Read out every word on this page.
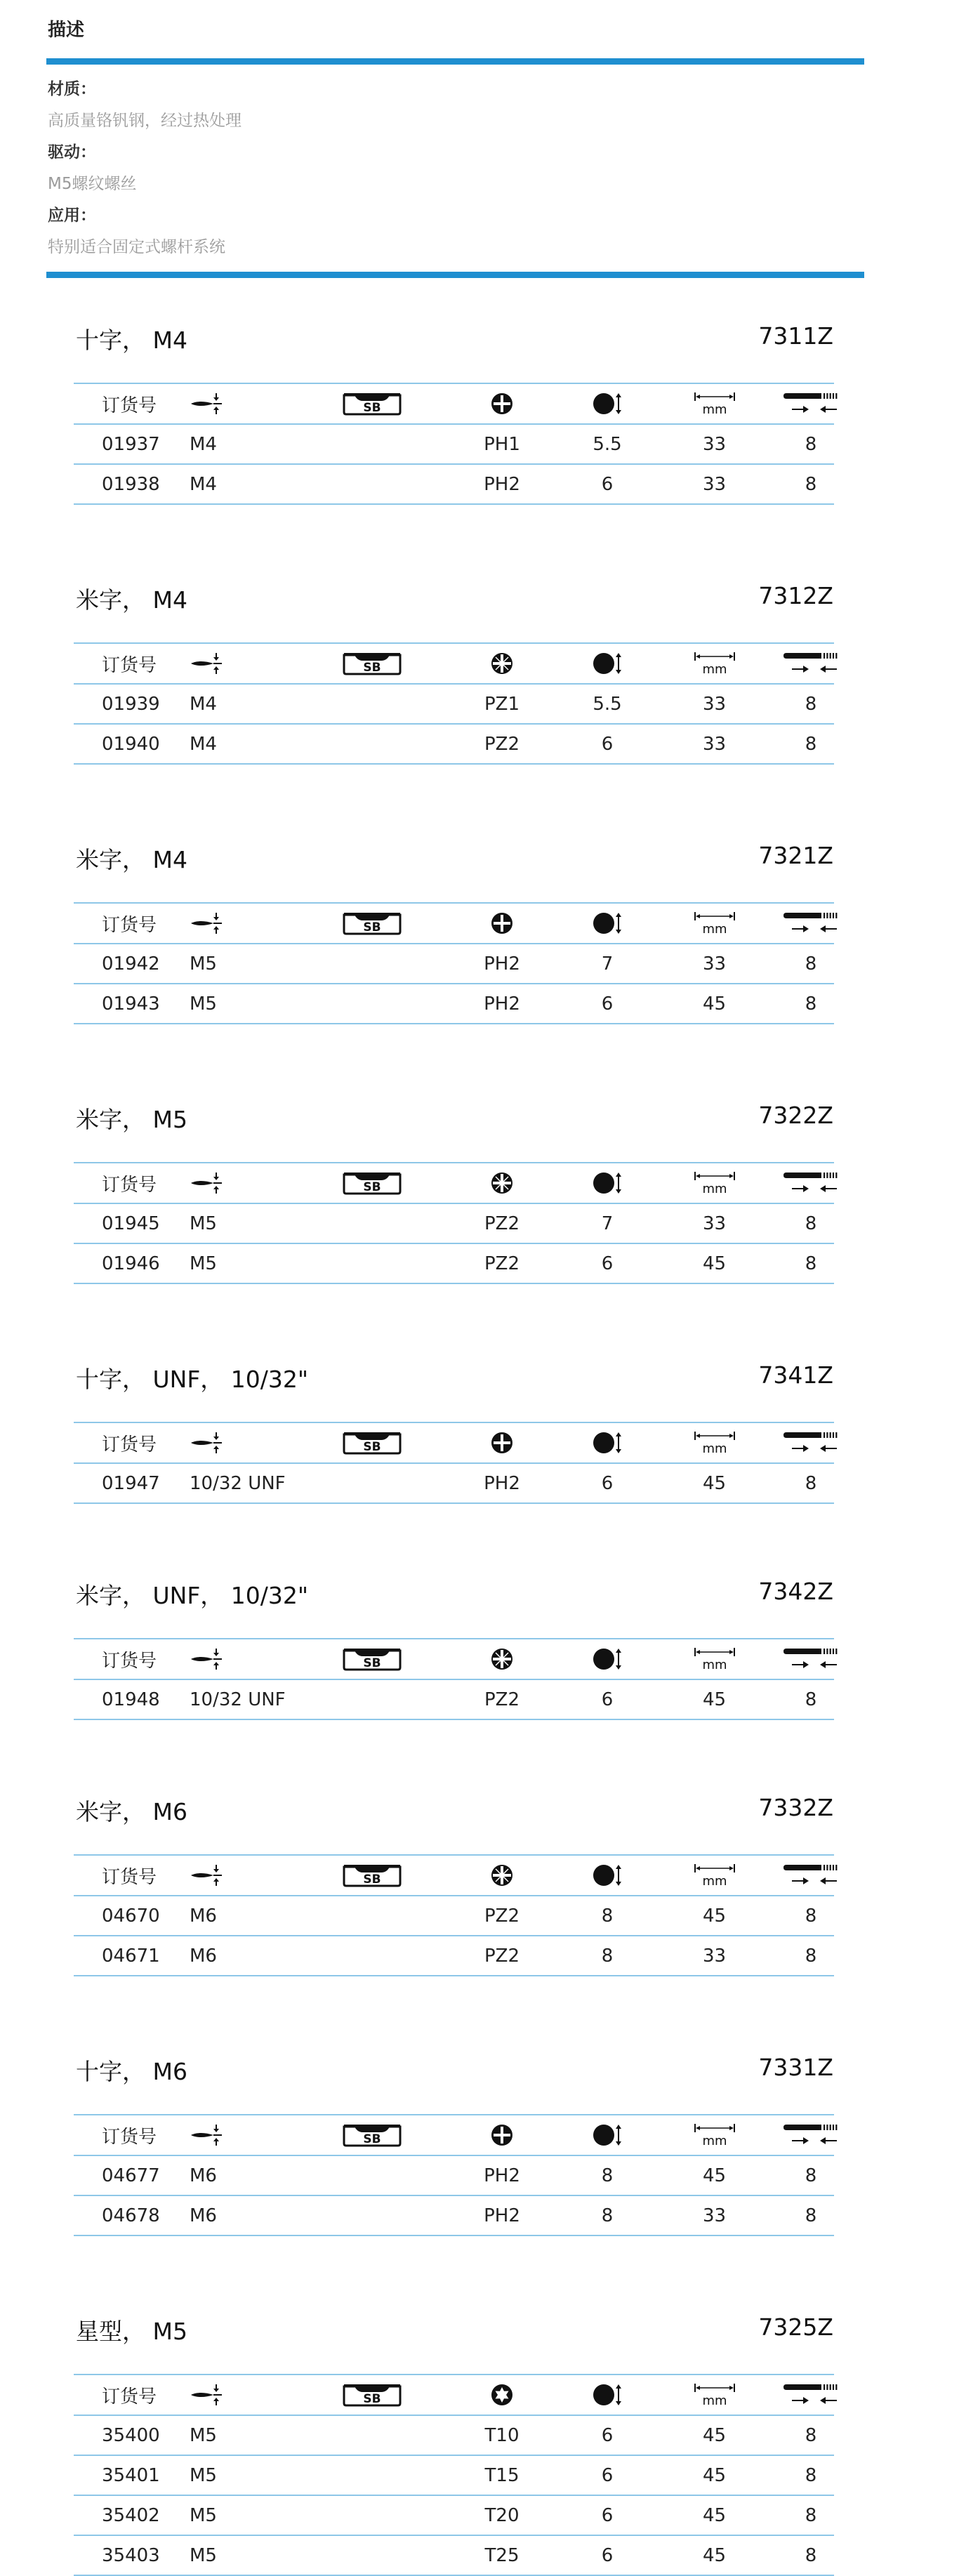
描述
材质：
高质量铬钒钢，经过热处理
驱动：
M5螺纹螺丝
应用：
特别适合固定式螺杆系统
十字， M4	7311Z
订货号	SB	mm
01937 M4	PH1	5.5	33	8
01938 M4	PH2	6	33	8
米字， M4	7312Z
订货号	SB	mm
01939 M4	PZ1	5.5	33	8
01940 M4	PZ2	6	33	8
米字， M4	7321Z
订货号	SB	mm
01942 M5	PH2	7	33	8
01943 M5	PH2	6	45	8
米字， M5	7322Z
订货号	SB	mm
01945 M5	PZ2	7	33	8
01946 M5	PZ2	6	45	8
十字， UNF， 10/32"	7341Z
订货号	SB	mm
01947 10/32 UNF	PH2	6	45	8
米字， UNF， 10/32"	7342Z
订货号	SB	mm
01948 10/32 UNF	PZ2	6	45	8
米字， M6	7332Z
订货号	SB	mm
04670 M6	PZ2	8	45	8
04671 M6	PZ2	8	33	8
十字， M6	7331Z
订货号	SB	mm
04677 M6	PH2	8	45	8
04678 M6	PH2	8	33	8
星型， M5	7325Z
订货号	SB	mm
35400 M5	T10	6	45	8
35401 M5	T15	6	45	8
35402 M5	T20	6	45	8
35403 M5	T25	6	45	8
